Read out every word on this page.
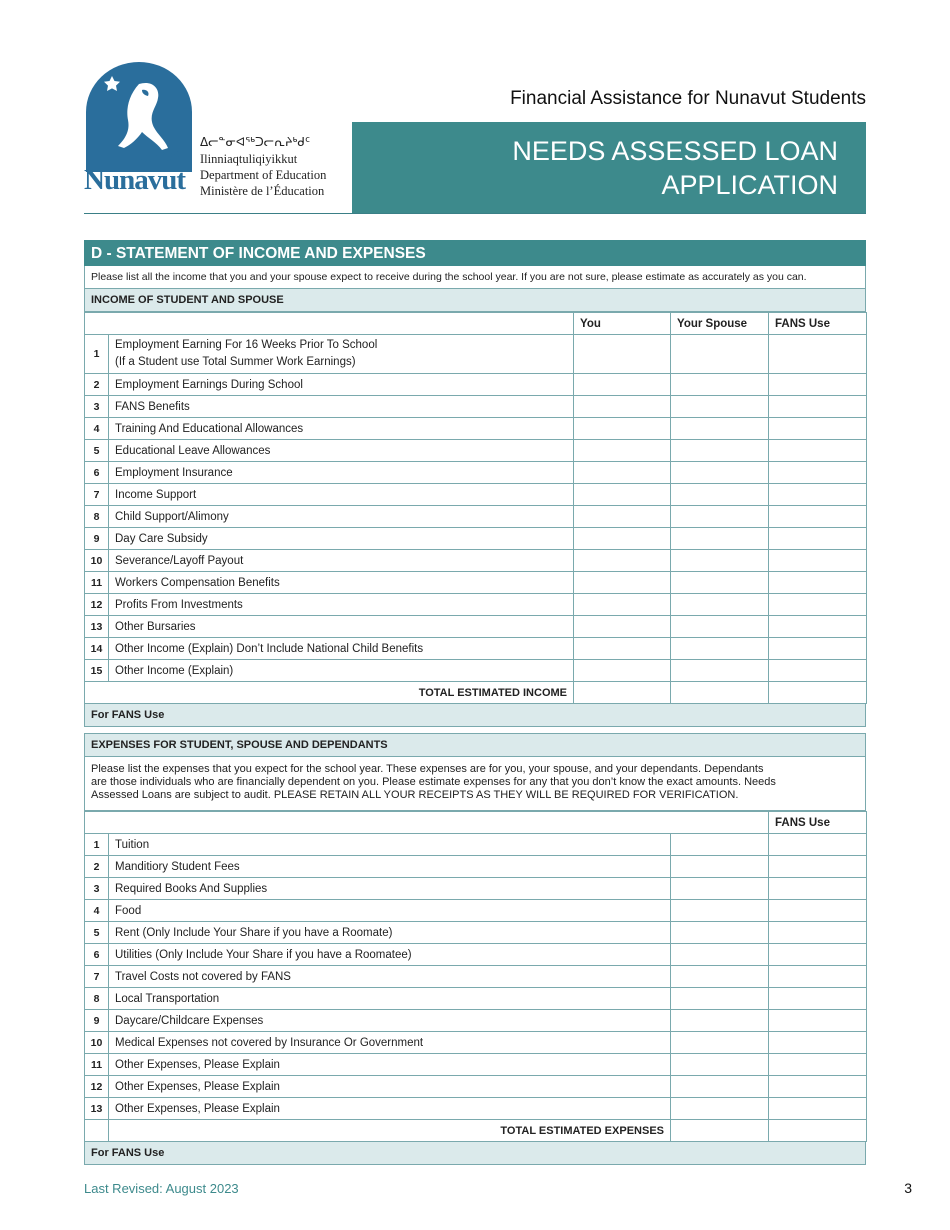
ᐃᓕᓐᓂᐊᖅᑐᓕᕆᔨᒃᑯᑦ
Ilinniaqtuliqiyikkut
Department of Education
Ministère de l’Éducation
Nunavut
ᓄᓇᕗᑦ
Financial Assistance for Nunavut Students
NEEDS ASSESSED LOAN
APPLICATION
D - STATEMENT OF INCOME AND EXPENSES
Please list all the income that you and your spouse expect to receive during the school year. If you are not sure, please estimate as accurately as you can.
INCOME OF STUDENT AND SPOUSE
		You	Your Spouse	FANS Use
1	Employment Earning For 16 Weeks Prior To School
(If a Student use Total Summer Work Earnings)			

2	Employment Earnings During School			

3	FANS Benefits			

4	Training And Educational Allowances			

5	Educational Leave Allowances			

6	Employment Insurance			

7	Income Support			

8	Child Support/Alimony			

9	Day Care Subsidy			

10	Severance/Layoff Payout			

11	Workers Compensation Benefits			

12	Profits From Investments			

13	Other Bursaries			

14	Other Income (Explain) Don’t Include National Child Benefits			

15	Other Income (Explain)			

TOTAL ESTIMATED INCOME				
For FANS Use
EXPENSES FOR STUDENT, SPOUSE AND DEPENDANTS
Please list the expenses that you expect for the school year. These expenses are for you, your spouse, and your dependants. Dependants
are those individuals who are financially dependent on you. Please estimate expenses for any that you don’t know the exact amounts. Needs
Assessed Loans are subject to audit. PLEASE RETAIN ALL YOUR RECEIPTS AS THEY WILL BE REQUIRED FOR VERIFICATION.
			FANS Use
1	Tuition		
2	Manditiory Student Fees		
3	Required Books And Supplies		
4	Food		
5	Rent (Only Include Your Share if you have a Roomate)		
6	Utilities (Only Include Your Share if you have a Roomatee)		
7	Travel Costs not covered by FANS		
8	Local Transportation		
9	Daycare/Childcare Expenses		
10	Medical Expenses not covered by Insurance Or Government		
11	Other Expenses, Please Explain		
12	Other Expenses, Please Explain		
13	Other Expenses, Please Explain		
	TOTAL ESTIMATED EXPENSES		
For FANS Use
Last Revised: August 2023	3
